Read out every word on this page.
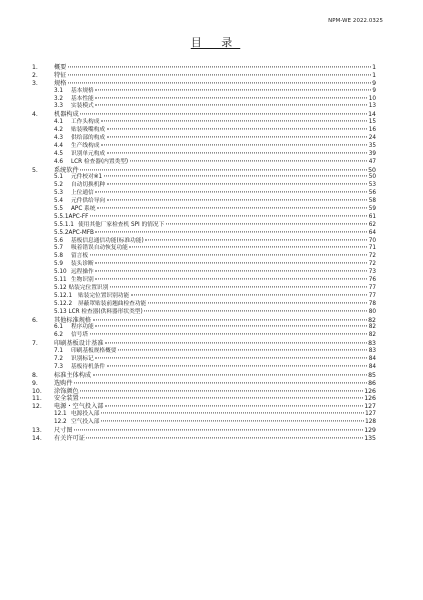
NPM-WE 2022.0325
目 录
1.	概要	1
2.	特征	1
3.	规格	9
3.1	基本规格	9
3.2	基本性能	10
3.3	实装模式	13
4.	机器构成	14
4.1	工作头构成	15
4.2	贴装吸嘴构成	16
4.3	供给部的构成	24
4.4	生产线构成	35
4.5	识别单元构成	39
4.6	LCR 检查器(内置类型)	47
5.	系统软件	50
5.1	元件校对※1	50
5.2	自动切换机种	53
5.3	上位通信	56
5.4	元件供给导向	58
5.5	APC 系统	59
5.5.1APC-FF	61
5.5.1.1 使用其他厂家检查机 SPI 的情况下	62
5.5.2APC-MFB	64
5.6	基板信息通信功能(标准功能)	70
5.7	吸着错误自动恢复功能	71
5.8	留言板	72
5.9	装头诊断	72
5.10 远程操作	73
5.11 生物识别	76
5.12 贴装完位置识别	77
5.12.1	贴装完位置识别功能	77
5.12.2	屏蔽罩贴装前翘曲检查功能	78
5.13 LCR 检查器(供料器形状类型)	80
6.	其他标准规格	82
6.1	程序功能	82
6.2	信号塔	82
7.	印刷基板设计基准	83
7.1	印刷基板规格概要	83
7.2	识别标记	84
7.3	基板待机条件	84
8.	标准主体构成	85
9.	选购件	86
10.	涂饰颜色	126
11.	安全装置	126
12.	电源・空气投入部	127
12.1 电源投入部	127
12.2 空气投入部	128
13.	尺寸图	129
14.	有关许可证	135
